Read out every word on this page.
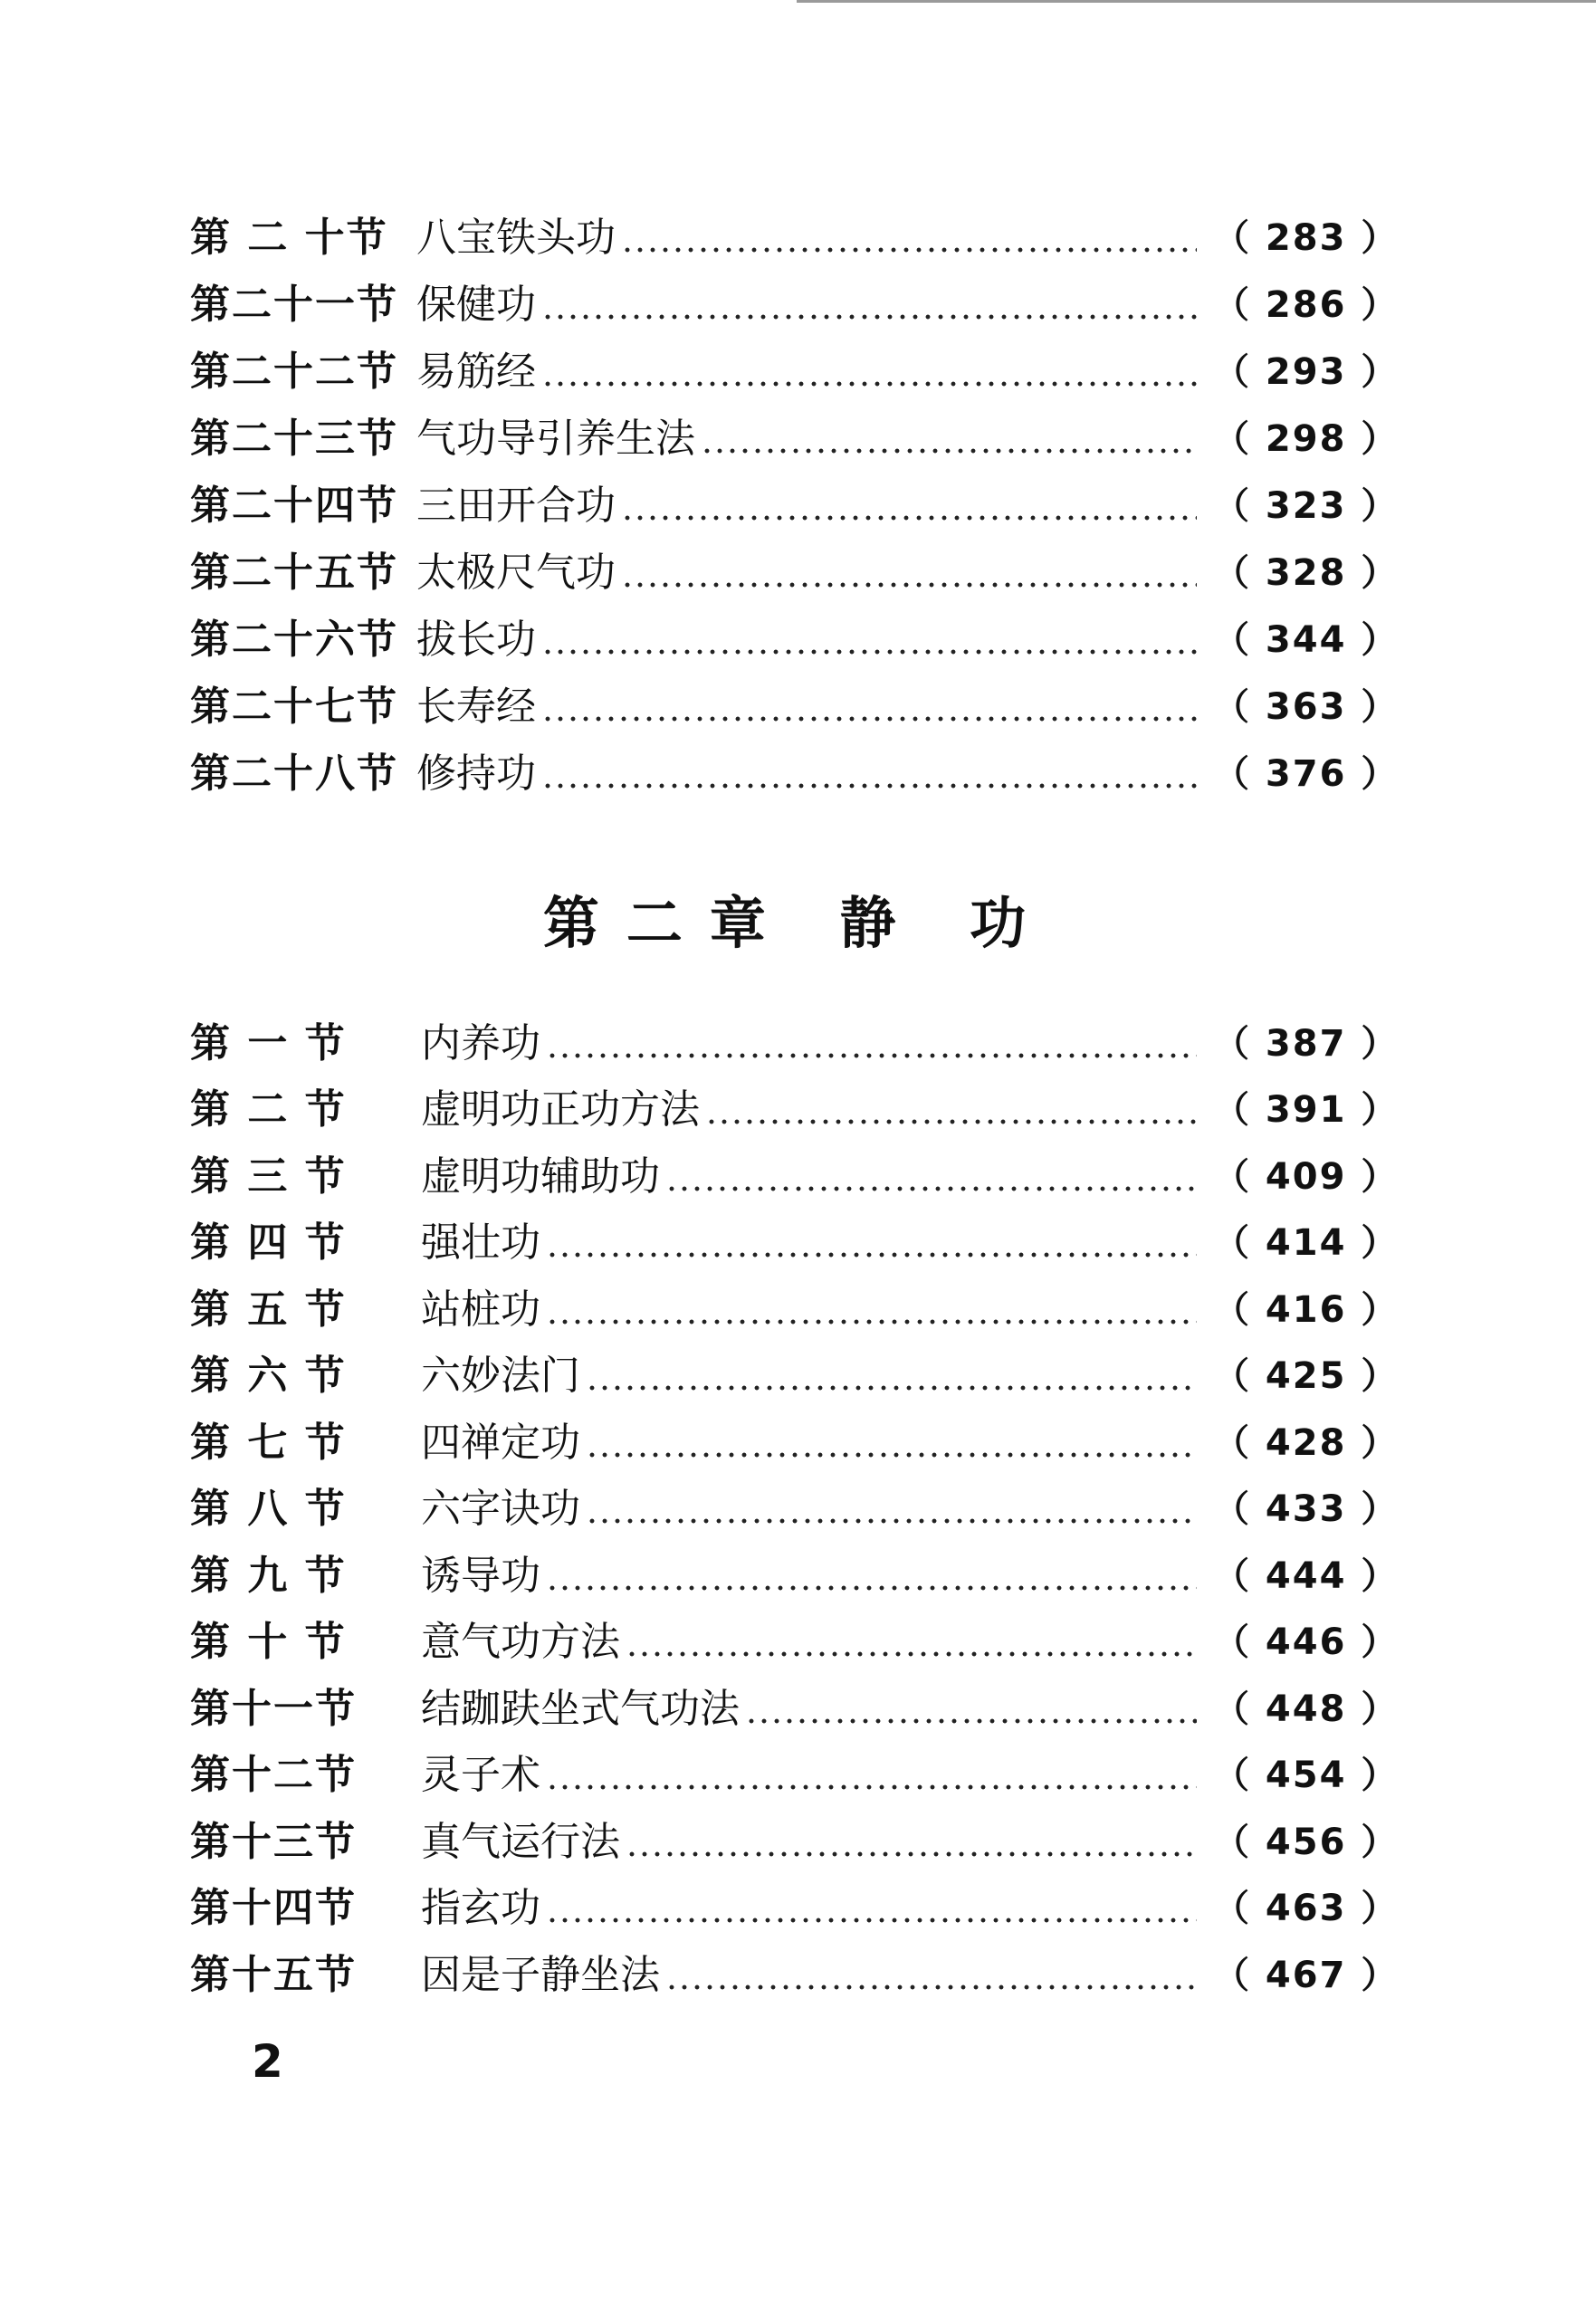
第 二 十节 八宝铁头功	（ 283 ）
第二十一节 保健功	（ 286 ）
第二十二节 易筋经	（ 293 ）
第二十三节 气功导引养生法	（ 298 ）
第二十四节 三田开合功	（ 323 ）
第二十五节 太极尺气功	（ 328 ）
第二十六节 拔长功	（ 344 ）
第二十七节 长寿经	（ 363 ）
第二十八节 修持功	（ 376 ）
第二章 静 功
第 一 节	内养功	（ 387 ）
第 二 节	虚明功正功方法	（ 391 ）
第 三 节	虚明功辅助功	（ 409 ）
第 四 节	强壮功	（ 414 ）
第 五 节	站桩功	（ 416 ）
第 六 节	六妙法门	（ 425 ）
第 七 节	四禅定功	（ 428 ）
第 八 节	六字诀功	（ 433 ）
第 九 节	诱导功	（ 444 ）
第 十 节	意气功方法	（ 446 ）
第十一节	结跏趺坐式气功法	（ 448 ）
第十二节	灵子术	（ 454 ）
第十三节	真气运行法	（ 456 ）
第十四节	指玄功	（ 463 ）
第十五节	因是子静坐法	（ 467 ）
2
